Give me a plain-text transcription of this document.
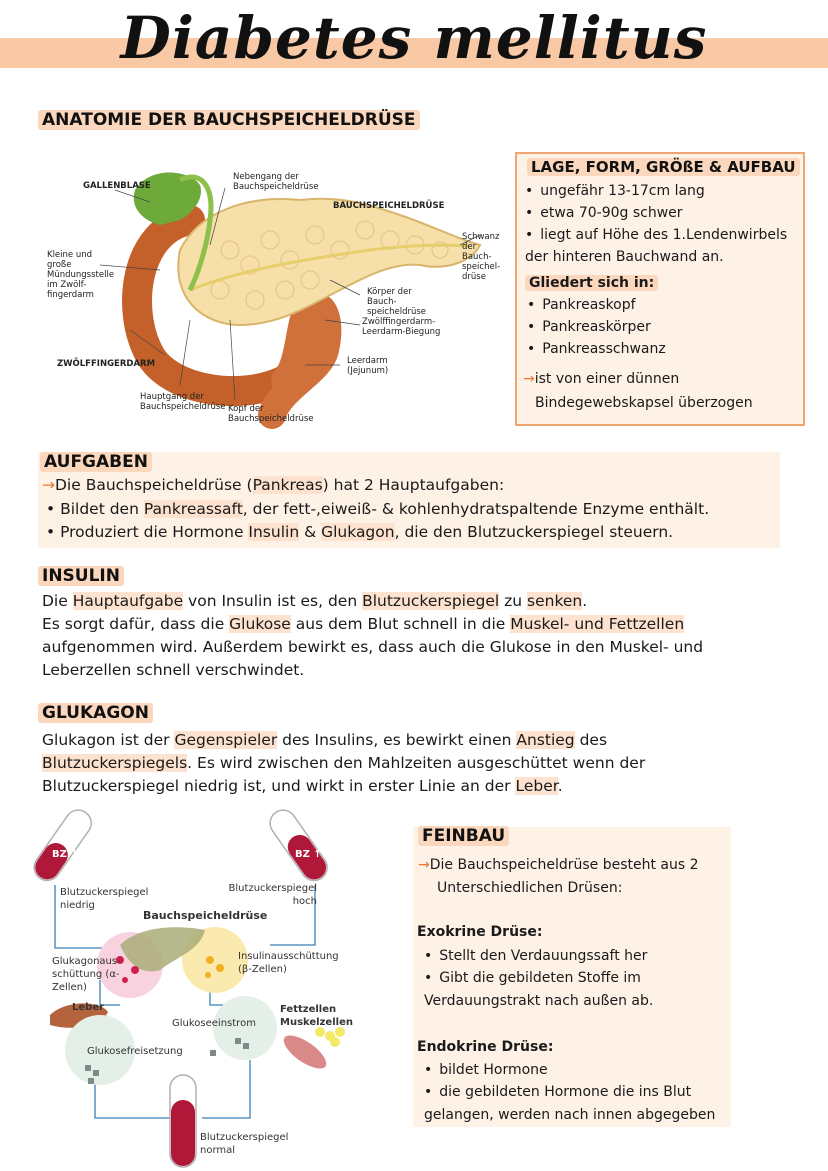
Diabetes mellitus
ANATOMIE DER BAUCHSPEICHELDRÜSE
GALLENBLASE
Nebengang der Bauchspeicheldrüse
BAUCHSPEICHELDRÜSE
Schwanz der Bauch-speichel-drüse
Kleine und große Mündungsstelle im Zwölf-fingerdarm	Körper der Bauch-speicheldrüse
Zwölffingerdarm-Leerdarm-Biegung
ZWÖLFFINGERDARM	Leerdarm (Jejunum)
Hauptgang der Bauchspeicheldrüse Kopf der Bauchspeicheldrüse
LAGE, FORM, GRÖßE & AUFBAU
• ungefähr 13-17cm lang
• etwa 70-90g schwer
• liegt auf Höhe des 1.Lendenwirbels
der hinteren Bauchwand an.
Gliedert sich in:
• Pankreaskopf
• Pankreaskörper
• Pankreasschwanz
→ist von einer dünnen
Bindegewebskapsel überzogen
AUFGABEN
→Die Bauchspeicheldrüse (Pankreas) hat 2 Hauptaufgaben:
• Bildet den Pankreassaft, der fett-,eiweiß- & kohlenhydratspaltende Enzyme enthält.
• Produziert die Hormone Insulin & Glukagon, die den Blutzuckerspiegel steuern.
INSULIN
Die Hauptaufgabe von Insulin ist es, den Blutzuckerspiegel zu senken.
Es sorgt dafür, dass die Glukose aus dem Blut schnell in die Muskel- und Fettzellen
aufgenommen wird. Außerdem bewirkt es, dass auch die Glukose in den Muskel- und
Leberzellen schnell verschwindet.
GLUKAGON
Glukagon ist der Gegenspieler des Insulins, es bewirkt einen Anstieg des
Blutzuckerspiegels. Es wird zwischen den Mahlzeiten ausgeschüttet wenn der
Blutzuckerspiegel niedrig ist, und wirkt in erster Linie an der Leber.
BZ ↓	BZ ↑
Blutzuckerspiegel niedrig
Blutzuckerspiegel hoch
Bauchspeicheldrüse
Glukagonaus-schüttung (α-Zellen)
Insulinausschüttung (β-Zellen)
Leber
Glukoseeinstrom
Fettzellen
Muskelzellen
Glukosefreisetzung
Blutzuckerspiegel normal
FEINBAU
→Die Bauchspeicheldrüse besteht aus 2
Unterschiedlichen Drüsen:
Exokrine Drüse:
• Stellt den Verdauungssaft her
• Gibt die gebildeten Stoffe im
Verdauungstrakt nach außen ab.
Endokrine Drüse:
• bildet Hormone
• die gebildeten Hormone die ins Blut
gelangen, werden nach innen abgegeben
